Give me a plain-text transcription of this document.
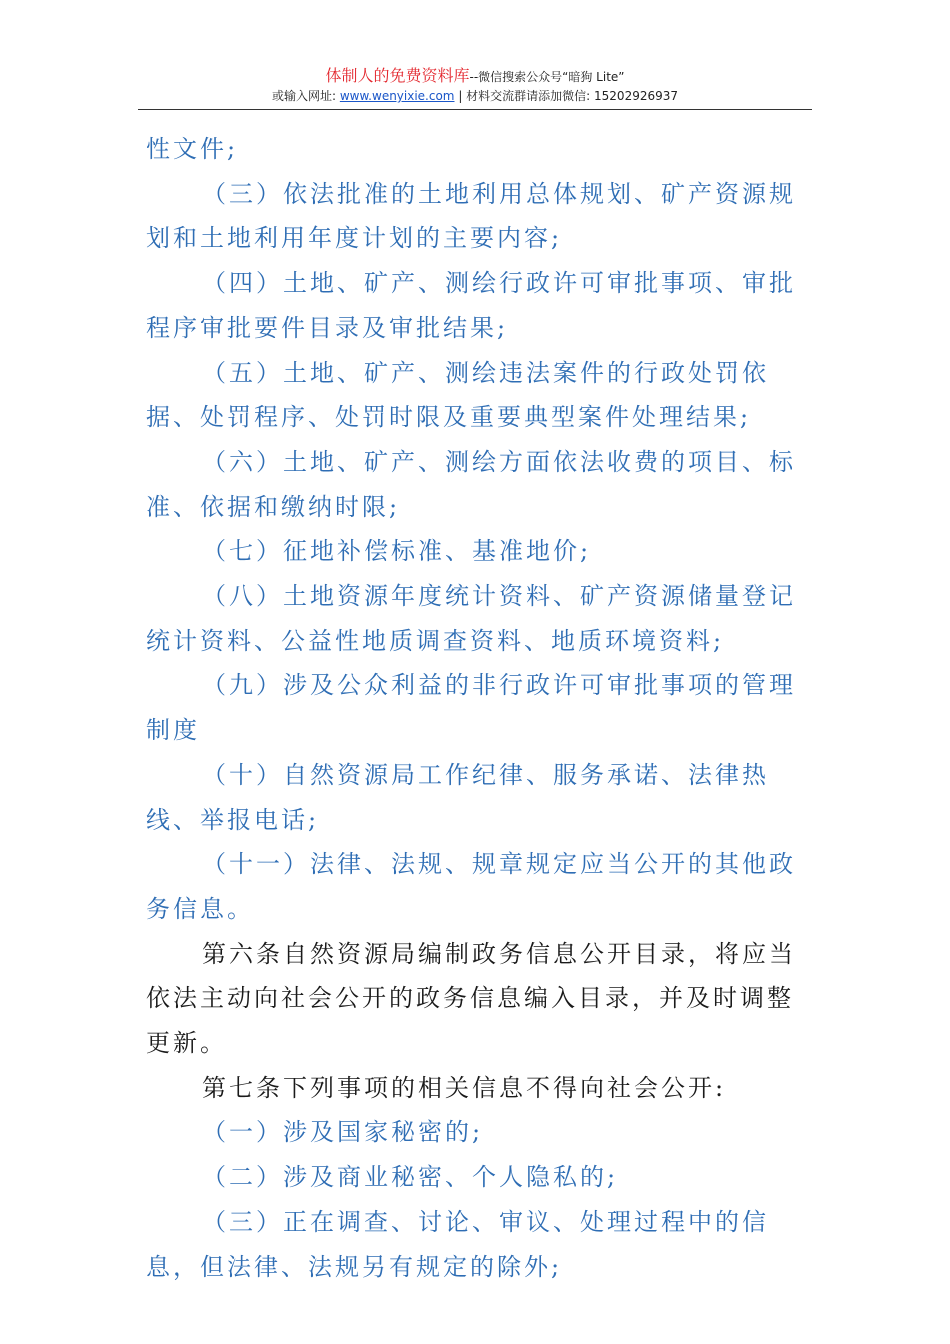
体制人的免费资料库--微信搜索公众号“暗狗 Lite”
或输入网址: www.wenyixie.com | 材料交流群请添加微信: 15202926937

性文件;

（三）依法批准的土地利用总体规划、矿产资源规划和土地利用年度计划的主要内容;

（四）土地、矿产、测绘行政许可审批事项、审批程序审批要件目录及审批结果;

（五）土地、矿产、测绘违法案件的行政处罚依据、处罚程序、处罚时限及重要典型案件处理结果;

（六）土地、矿产、测绘方面依法收费的项目、标准、依据和缴纳时限;

（七）征地补偿标准、基准地价;

（八）土地资源年度统计资料、矿产资源储量登记统计资料、公益性地质调查资料、地质环境资料;

（九）涉及公众利益的非行政许可审批事项的管理制度

（十）自然资源局工作纪律、服务承诺、法律热线、举报电话;

（十一）法律、法规、规章规定应当公开的其他政务信息。

第六条自然资源局编制政务信息公开目录，将应当依法主动向社会公开的政务信息编入目录，并及时调整更新。

第七条下列事项的相关信息不得向社会公开:

（一）涉及国家秘密的;

（二）涉及商业秘密、个人隐私的;

（三）正在调查、讨论、审议、处理过程中的信息，但法律、法规另有规定的除外;
